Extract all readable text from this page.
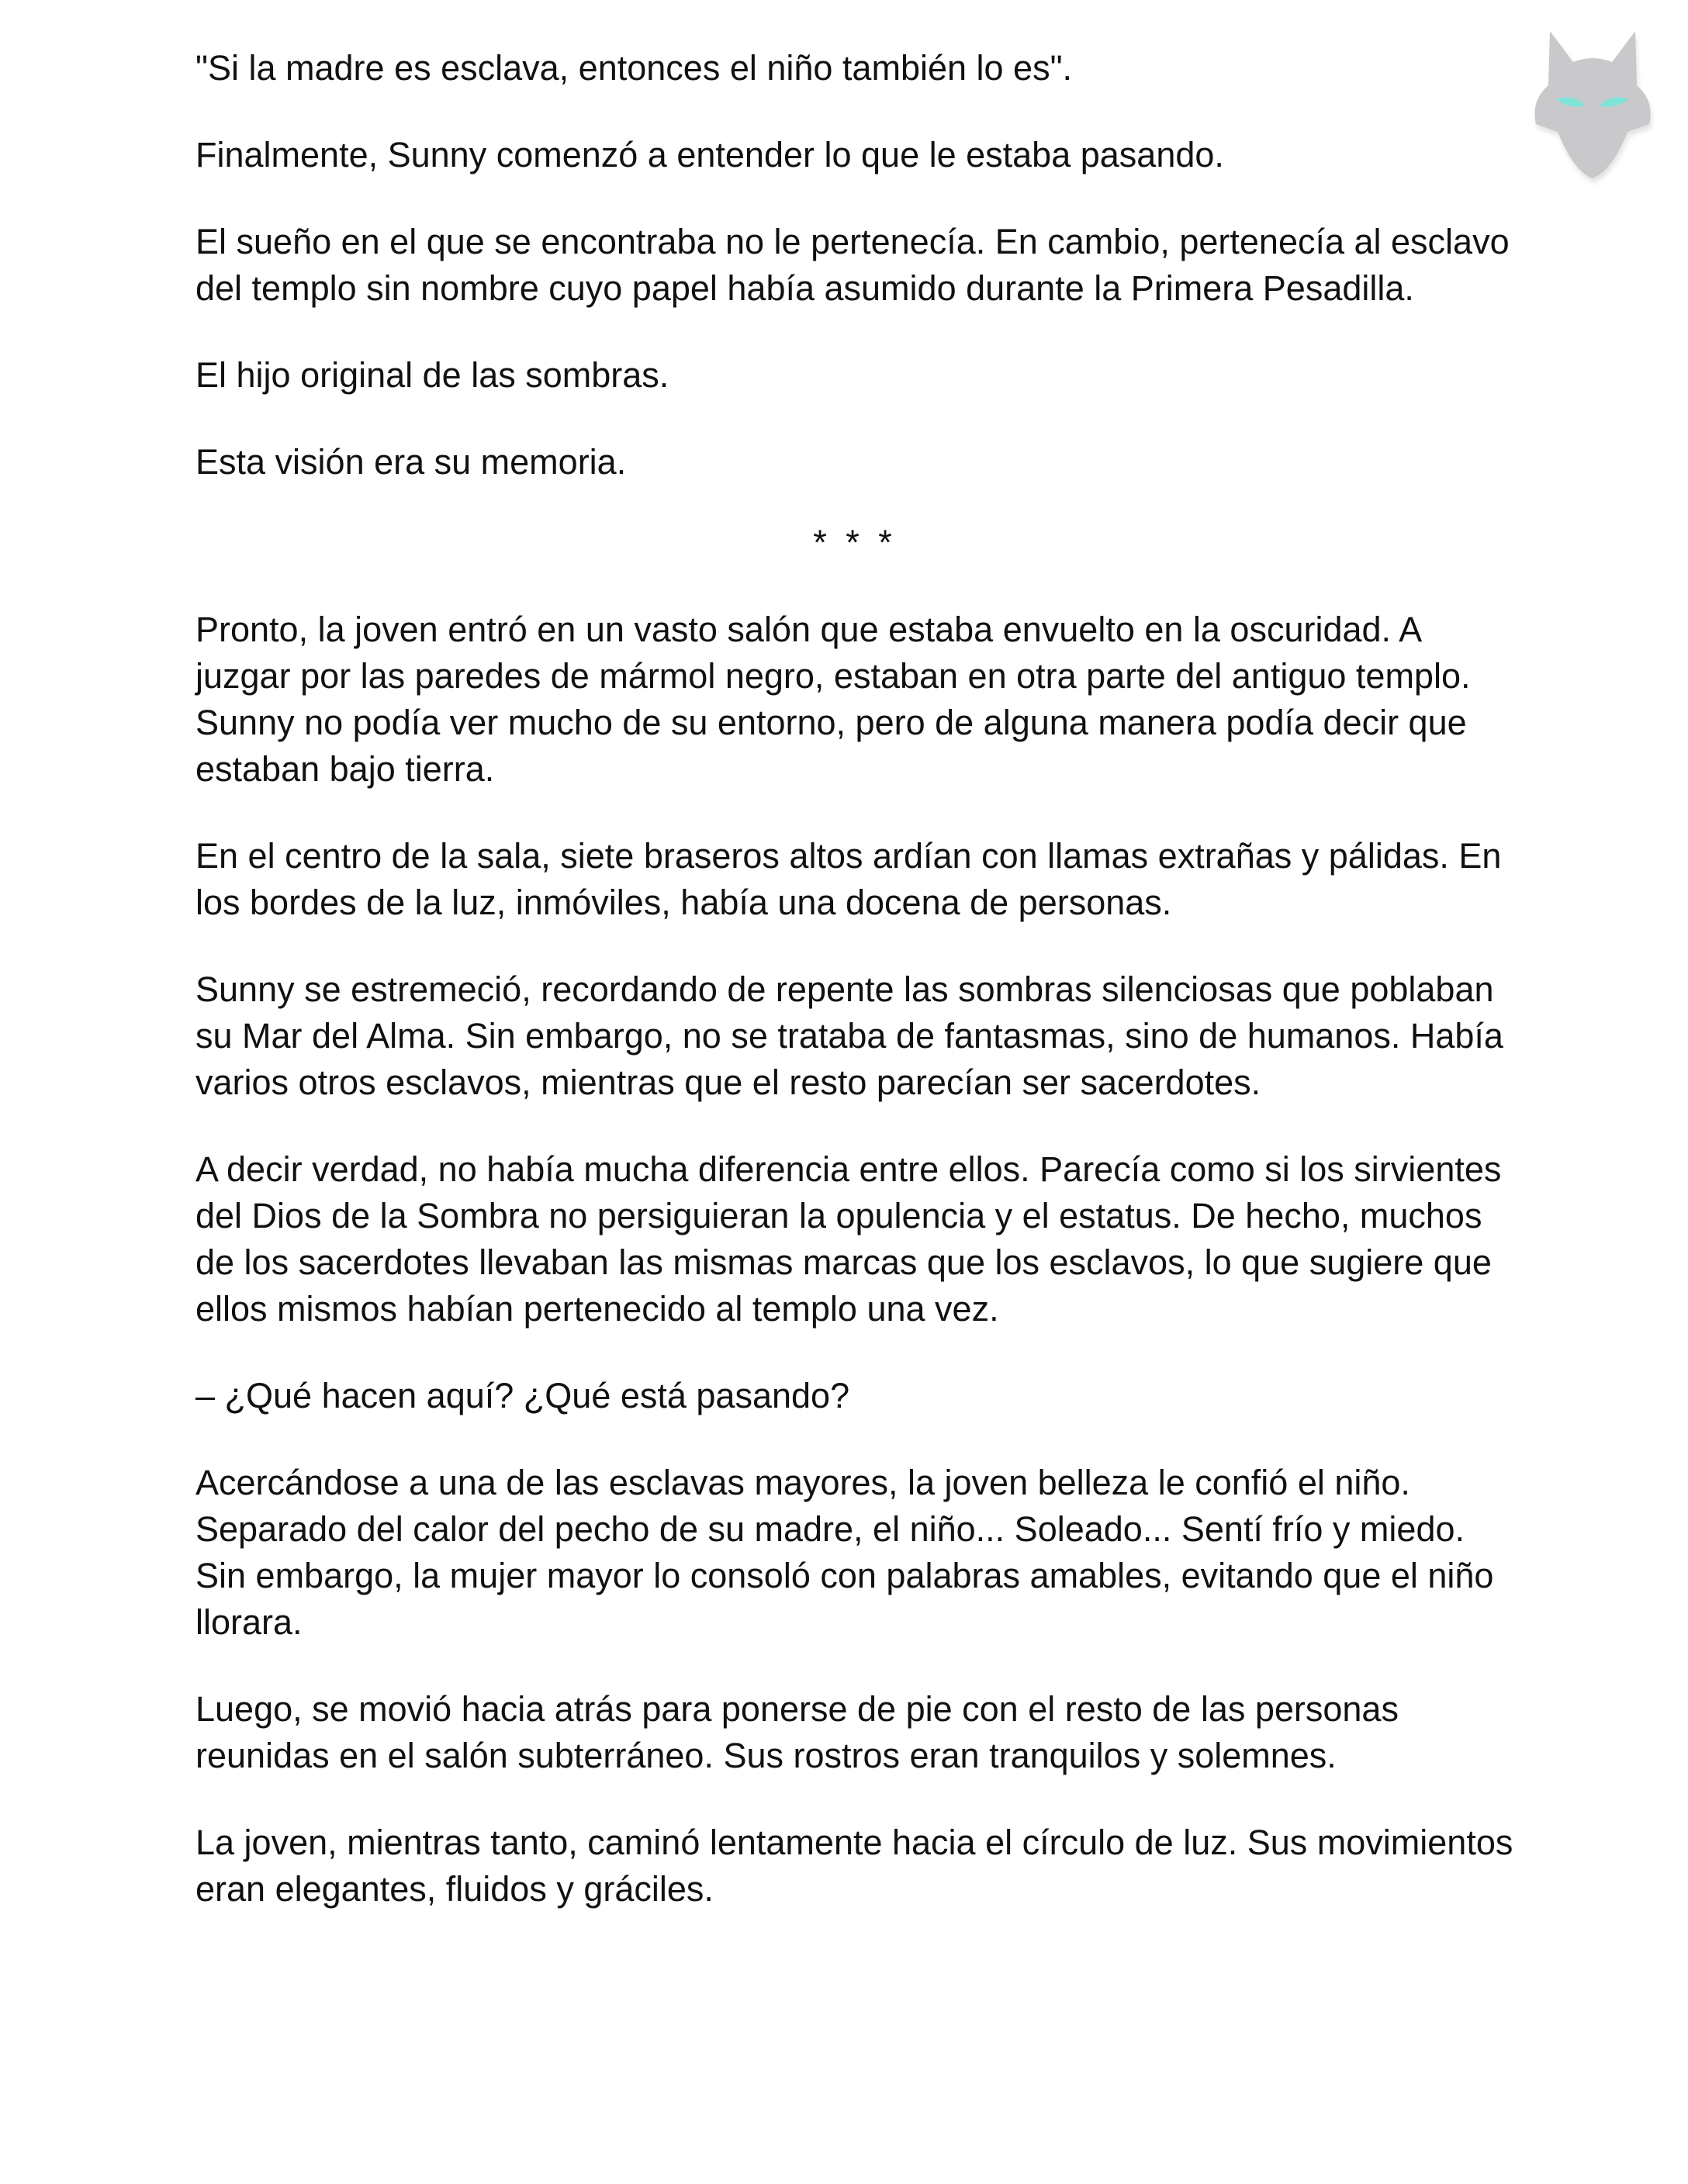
"Si la madre es esclava, entonces el niño también lo es".

Finalmente, Sunny comenzó a entender lo que le estaba pasando.

El sueño en el que se encontraba no le pertenecía. En cambio, pertenecía al esclavo del templo sin nombre cuyo papel había asumido durante la Primera Pesadilla.

El hijo original de las sombras.

Esta visión era su memoria.

* * *

Pronto, la joven entró en un vasto salón que estaba envuelto en la oscuridad. A juzgar por las paredes de mármol negro, estaban en otra parte del antiguo templo. Sunny no podía ver mucho de su entorno, pero de alguna manera podía decir que estaban bajo tierra.

En el centro de la sala, siete braseros altos ardían con llamas extrañas y pálidas. En los bordes de la luz, inmóviles, había una docena de personas.

Sunny se estremeció, recordando de repente las sombras silenciosas que poblaban su Mar del Alma. Sin embargo, no se trataba de fantasmas, sino de humanos. Había varios otros esclavos, mientras que el resto parecían ser sacerdotes.

A decir verdad, no había mucha diferencia entre ellos. Parecía como si los sirvientes del Dios de la Sombra no persiguieran la opulencia y el estatus. De hecho, muchos de los sacerdotes llevaban las mismas marcas que los esclavos, lo que sugiere que ellos mismos habían pertenecido al templo una vez.

– ¿Qué hacen aquí? ¿Qué está pasando?

Acercándose a una de las esclavas mayores, la joven belleza le confió el niño. Separado del calor del pecho de su madre, el niño... Soleado... Sentí frío y miedo. Sin embargo, la mujer mayor lo consoló con palabras amables, evitando que el niño llorara.

Luego, se movió hacia atrás para ponerse de pie con el resto de las personas reunidas en el salón subterráneo. Sus rostros eran tranquilos y solemnes.

La joven, mientras tanto, caminó lentamente hacia el círculo de luz. Sus movimientos eran elegantes, fluidos y gráciles.
